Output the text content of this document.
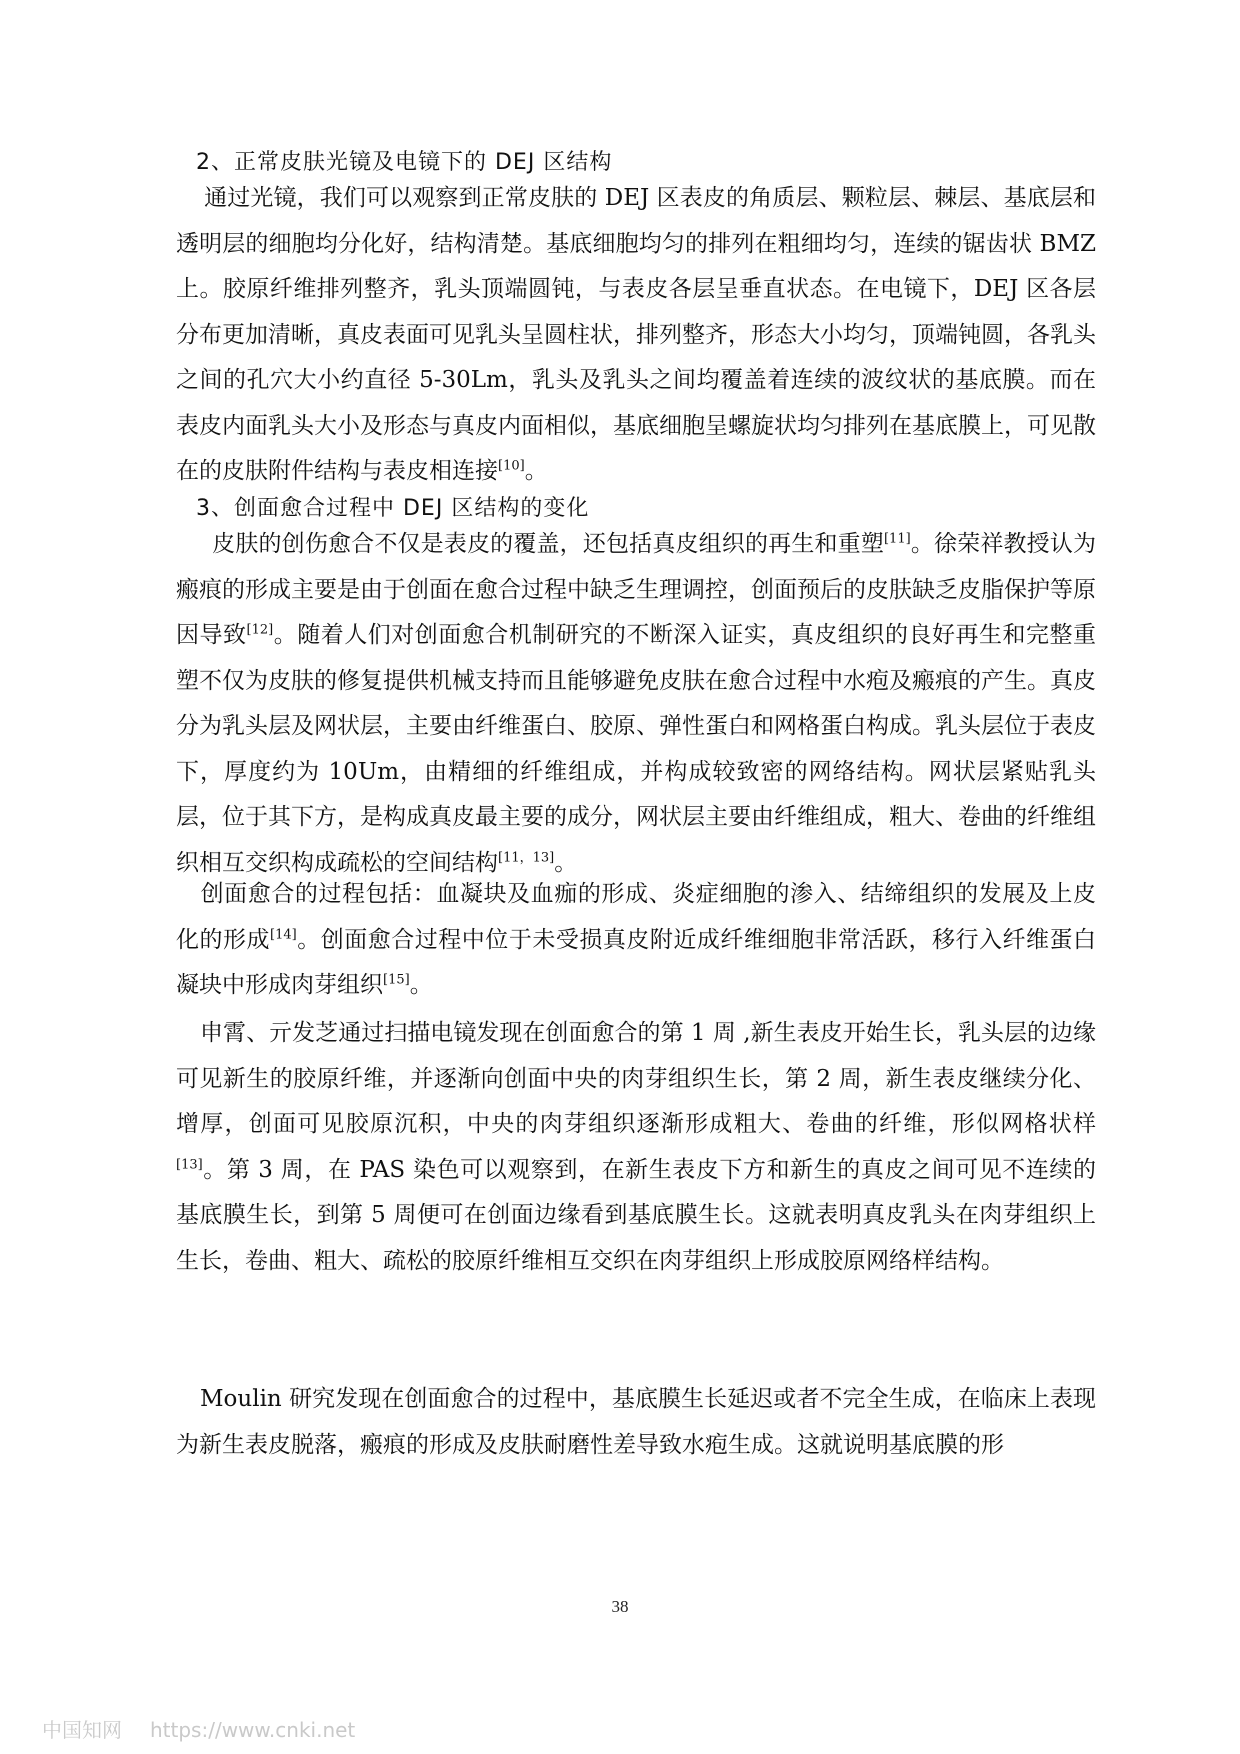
2、正常皮肤光镜及电镜下的 DEJ 区结构

通过光镜，我们可以观察到正常皮肤的 DEJ 区表皮的角质层、颗粒层、棘层、基底层和透明层的细胞均分化好，结构清楚。基底细胞均匀的排列在粗细均匀，连续的锯齿状 BMZ 上。胶原纤维排列整齐，乳头顶端圆钝，与表皮各层呈垂直状态。在电镜下，DEJ 区各层分布更加清晰，真皮表面可见乳头呈圆柱状，排列整齐，形态大小均匀，顶端钝圆，各乳头之间的孔穴大小约直径 5-30Lm，乳头及乳头之间均覆盖着连续的波纹状的基底膜。而在表皮内面乳头大小及形态与真皮内面相似，基底细胞呈螺旋状均匀排列在基底膜上，可见散在的皮肤附件结构与表皮相连接[10]。

3、创面愈合过程中 DEJ 区结构的变化

皮肤的创伤愈合不仅是表皮的覆盖，还包括真皮组织的再生和重塑[11]。徐荣祥教授认为瘢痕的形成主要是由于创面在愈合过程中缺乏生理调控，创面预后的皮肤缺乏皮脂保护等原因导致[12]。随着人们对创面愈合机制研究的不断深入证实，真皮组织的良好再生和完整重塑不仅为皮肤的修复提供机械支持而且能够避免皮肤在愈合过程中水疱及瘢痕的产生。真皮分为乳头层及网状层，主要由纤维蛋白、胶原、弹性蛋白和网格蛋白构成。乳头层位于表皮下，厚度约为 10Um，由精细的纤维组成，并构成较致密的网络结构。网状层紧贴乳头层，位于其下方，是构成真皮最主要的成分，网状层主要由纤维组成，粗大、卷曲的纤维组织相互交织构成疏松的空间结构[11，13]。

创面愈合的过程包括：血凝块及血痂的形成、炎症细胞的渗入、结缔组织的发展及上皮化的形成[14]。创面愈合过程中位于未受损真皮附近成纤维细胞非常活跃，移行入纤维蛋白凝块中形成肉芽组织[15]。

申霄、亓发芝通过扫描电镜发现在创面愈合的第 1 周 ,新生表皮开始生长，乳头层的边缘可见新生的胶原纤维，并逐渐向创面中央的肉芽组织生长，第 2 周，新生表皮继续分化、增厚，创面可见胶原沉积，中央的肉芽组织逐渐形成粗大、卷曲的纤维，形似网格状样[13]。第 3 周，在 PAS 染色可以观察到，在新生表皮下方和新生的真皮之间可见不连续的基底膜生长，到第 5 周便可在创面边缘看到基底膜生长。这就表明真皮乳头在肉芽组织上生长，卷曲、粗大、疏松的胶原纤维相互交织在肉芽组织上形成胶原网络样结构。

Moulin 研究发现在创面愈合的过程中，基底膜生长延迟或者不完全生成，在临床上表现为新生表皮脱落，瘢痕的形成及皮肤耐磨性差导致水疱生成。这就说明基底膜的形

38
中国知网 https://www.cnki.net
